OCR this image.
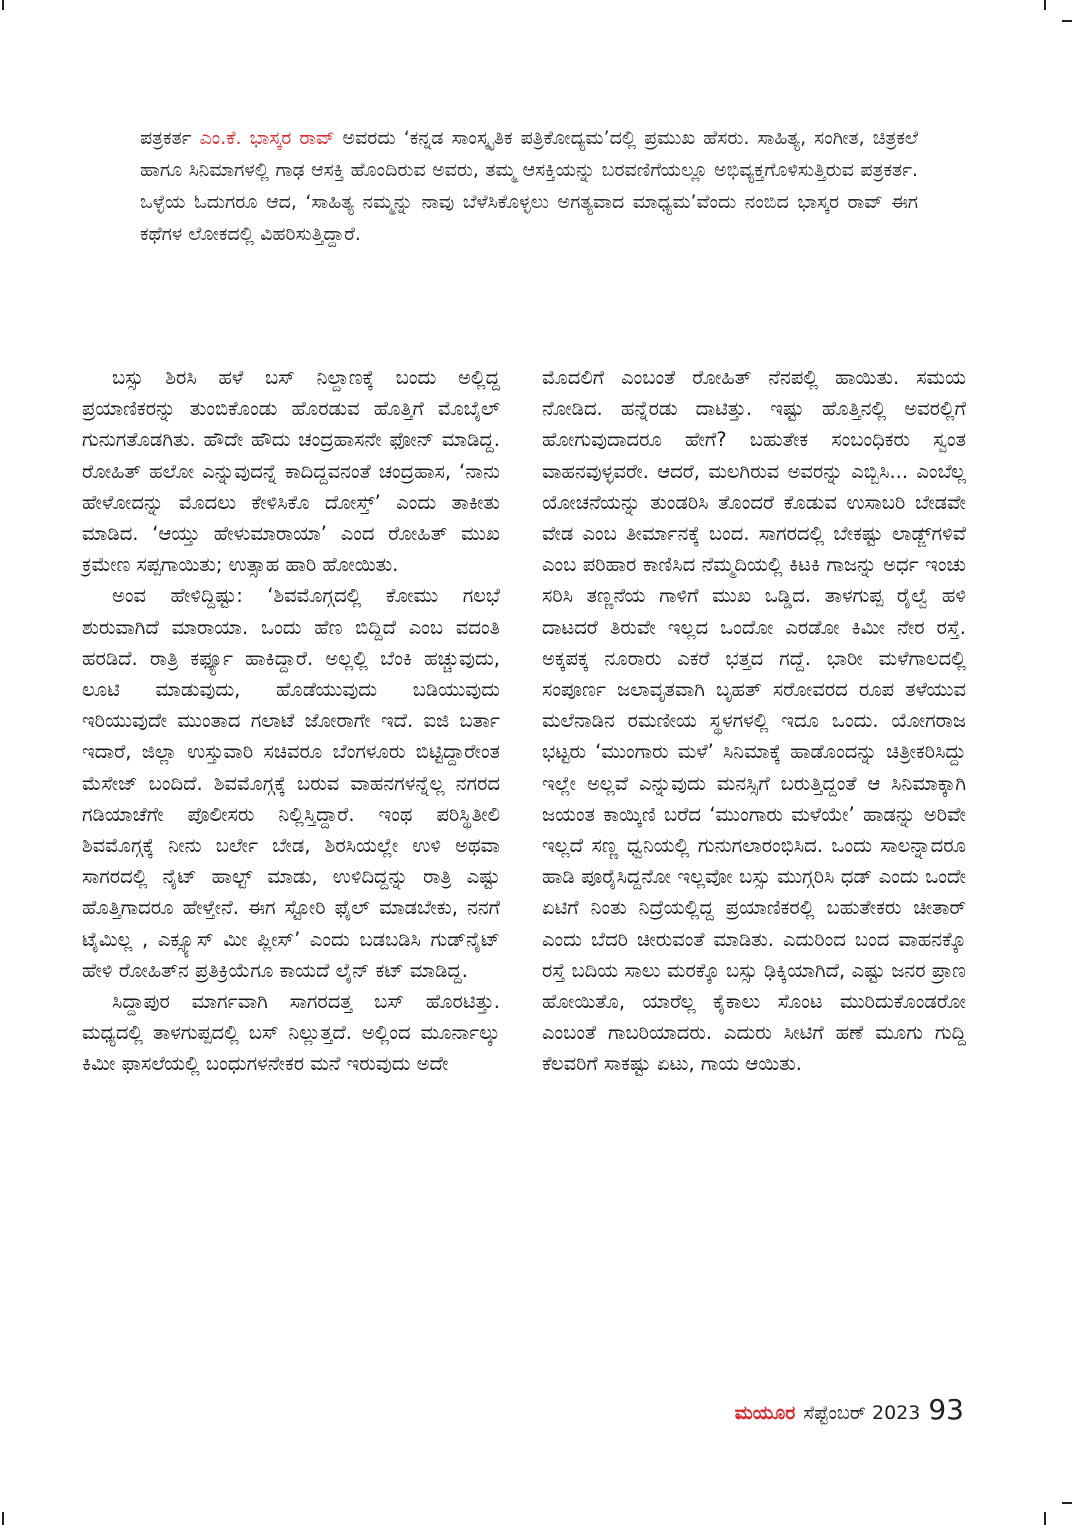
ಪತ್ರಕರ್ತ ಎಂ.ಕೆ. ಭಾಸ್ಕರ ರಾವ್ ಅವರದು ‘ಕನ್ನಡ ಸಾಂಸ್ಕೃತಿಕ ಪತ್ರಿಕೋದ್ಯಮ’ದಲ್ಲಿ ಪ್ರಮುಖ ಹೆಸರು. ಸಾಹಿತ್ಯ, ಸಂಗೀತ, ಚಿತ್ರಕಲೆ ಹಾಗೂ ಸಿನಿಮಾಗಳಲ್ಲಿ ಗಾಢ ಆಸಕ್ತಿ ಹೊಂದಿರುವ ಅವರು, ತಮ್ಮ ಆಸಕ್ತಿಯನ್ನು ಬರವಣಿಗೆಯಲ್ಲೂ ಅಭಿವ್ಯಕ್ತಗೊಳಿಸುತ್ತಿರುವ ಪತ್ರಕರ್ತ. ಒಳ್ಳೆಯ ಓದುಗರೂ ಆದ, ‘ಸಾಹಿತ್ಯ ನಮ್ಮನ್ನು ನಾವು ಬೆಳೆಸಿಕೊಳ್ಳಲು ಅಗತ್ಯವಾದ ಮಾಧ್ಯಮ’ವೆಂದು ನಂಬಿದ ಭಾಸ್ಕರ ರಾವ್ ಈಗ ಕಥೆಗಳ ಲೋಕದಲ್ಲಿ ವಿಹರಿಸುತ್ತಿದ್ದಾರೆ.

ಬಸ್ಸು ಶಿರಸಿ ಹಳೆ ಬಸ್ ನಿಲ್ದಾಣಕ್ಕೆ ಬಂದು ಅಲ್ಲಿದ್ದ ಪ್ರಯಾಣಿಕರನ್ನು ತುಂಬಿಕೊಂಡು ಹೊರಡುವ ಹೊತ್ತಿಗೆ ಮೊಬೈಲ್ ಗುನುಗತೊಡಗಿತು. ಹೌದೇ ಹೌದು ಚಂದ್ರಹಾಸನೇ ಫೋನ್ ಮಾಡಿದ್ದ. ರೋಹಿತ್ ಹಲೋ ಎನ್ನುವುದನ್ನೆ ಕಾದಿದ್ದವನಂತೆ ಚಂದ್ರಹಾಸ, ‘ನಾನು ಹೇಳೋದನ್ನು ಮೊದಲು ಕೇಳಿಸಿಕೊ ದೋಸ್ತ್’ ಎಂದು ತಾಕೀತು ಮಾಡಿದ. ‘ಆಯ್ತು ಹೇಳುಮಾರಾಯಾ’ ಎಂದ ರೋಹಿತ್ ಮುಖ ಕ್ರಮೇಣ ಸಪ್ಪಗಾಯಿತು; ಉತ್ಸಾಹ ಹಾರಿ ಹೋಯಿತು.

ಅಂವ ಹೇಳಿದ್ದಿಷ್ಟು: ‘ಶಿವಮೊಗ್ಗದಲ್ಲಿ ಕೋಮು ಗಲಭೆ ಶುರುವಾಗಿದೆ ಮಾರಾಯಾ. ಒಂದು ಹೆಣ ಬಿದ್ದಿದೆ ಎಂಬ ವದಂತಿ ಹರಡಿದೆ. ರಾತ್ರಿ ಕರ್ಫ್ಯೂ ಹಾಕಿದ್ದಾರೆ. ಅಲ್ಲಲ್ಲಿ ಬೆಂಕಿ ಹಚ್ಚುವುದು, ಲೂಟಿ ಮಾಡುವುದು, ಹೊಡೆಯುವುದು ಬಡಿಯುವುದು ಇರಿಯುವುದೇ ಮುಂತಾದ ಗಲಾಟೆ ಜೋರಾಗೇ ಇದೆ. ಐಜಿ ಬರ್ತಾ ಇದಾರೆ, ಜಿಲ್ಲಾ ಉಸ್ತುವಾರಿ ಸಚಿವರೂ ಬೆಂಗಳೂರು ಬಿಟ್ಟಿದ್ದಾರೇಂತ ಮೆಸೇಜ್ ಬಂದಿದೆ. ಶಿವಮೊಗ್ಗಕ್ಕೆ ಬರುವ ವಾಹನಗಳನ್ನೆಲ್ಲ ನಗರದ ಗಡಿಯಾಚೆಗೇ ಪೊಲೀಸರು ನಿಲ್ಲಿಸ್ತಿದ್ದಾರೆ. ಇಂಥ ಪರಿಸ್ಥಿತೀಲಿ ಶಿವಮೊಗ್ಗಕ್ಕೆ ನೀನು ಬರ್ಲೇ ಬೇಡ, ಶಿರಸಿಯಲ್ಲೇ ಉಳಿ ಅಥವಾ ಸಾಗರದಲ್ಲಿ ನೈಟ್ ಹಾಲ್ಟ್ ಮಾಡು, ಉಳಿದಿದ್ದನ್ನು ರಾತ್ರಿ ಎಷ್ಟು ಹೊತ್ತಿಗಾದರೂ ಹೇಳ್ತೇನೆ. ಈಗ ಸ್ಟೋರಿ ಫೈಲ್ ಮಾಡಬೇಕು, ನನಗೆ ಟೈಮಿಲ್ಲ , ಎಕ್ಸ್ಯೂಸ್ ಮೀ ಪ್ಲೀಸ್’ ಎಂದು ಬಡಬಡಿಸಿ ಗುಡ್‌ನೈಟ್ ಹೇಳಿ ರೋಹಿತ್‌ನ ಪ್ರತಿಕ್ರಿಯೆಗೂ ಕಾಯದೆ ಲೈನ್ ಕಟ್ ಮಾಡಿದ್ದ.

ಸಿದ್ದಾಪುರ ಮಾರ್ಗವಾಗಿ ಸಾಗರದತ್ತ ಬಸ್ ಹೊರಟಿತ್ತು. ಮಧ್ಯದಲ್ಲಿ ತಾಳಗುಪ್ಪದಲ್ಲಿ ಬಸ್ ನಿಲ್ಲುತ್ತದೆ. ಅಲ್ಲಿಂದ ಮೂರ್ನಾಲ್ಕು ಕಿಮೀ ಫಾಸಲೆಯಲ್ಲಿ ಬಂಧುಗಳನೇಕರ ಮನೆ ಇರುವುದು ಅದೇ

ಮೊದಲಿಗೆ ಎಂಬಂತೆ ರೋಹಿತ್ ನೆನಪಲ್ಲಿ ಹಾಯಿತು. ಸಮಯ ನೋಡಿದ. ಹನ್ನೆರಡು ದಾಟಿತ್ತು. ಇಷ್ಟು ಹೊತ್ತಿನಲ್ಲಿ ಅವರಲ್ಲಿಗೆ ಹೋಗುವುದಾದರೂ ಹೇಗೆ? ಬಹುತೇಕ ಸಂಬಂಧಿಕರು ಸ್ವಂತ ವಾಹನವುಳ್ಳವರೇ. ಆದರೆ, ಮಲಗಿರುವ ಅವರನ್ನು ಎಬ್ಬಿಸಿ... ಎಂಬೆಲ್ಲ ಯೋಚನೆಯನ್ನು ತುಂಡರಿಸಿ ತೊಂದರೆ ಕೊಡುವ ಉಸಾಬರಿ ಬೇಡವೇ ವೇಡ ಎಂಬ ತೀರ್ಮಾನಕ್ಕೆ ಬಂದ. ಸಾಗರದಲ್ಲಿ ಬೇಕಷ್ಟು ಲಾಡ್ಜ್‌ಗಳಿವೆ ಎಂಬ ಪರಿಹಾರ ಕಾಣಿಸಿದ ನೆಮ್ಮದಿಯಲ್ಲಿ ಕಿಟಕಿ ಗಾಜನ್ನು ಅರ್ಧ ಇಂಚು ಸರಿಸಿ ತಣ್ಣನೆಯ ಗಾಳಿಗೆ ಮುಖ ಒಡ್ಡಿದ. ತಾಳಗುಪ್ಪ ರೈಲ್ವೆ ಹಳಿ ದಾಟದರೆ ತಿರುವೇ ಇಲ್ಲದ ಒಂದೋ ಎರಡೋ ಕಿಮೀ ನೇರ ರಸ್ತೆ. ಅಕ್ಕಪಕ್ಕ ನೂರಾರು ಎಕರೆ ಭತ್ತದ ಗದ್ದೆ. ಭಾರೀ ಮಳೆಗಾಲದಲ್ಲಿ ಸಂಪೂರ್ಣ ಜಲಾವೃತವಾಗಿ ಬೃಹತ್ ಸರೋವರದ ರೂಪ ತಳೆಯುವ ಮಲೆನಾಡಿನ ರಮಣೀಯ ಸ್ಥಳಗಳಲ್ಲಿ ಇದೂ ಒಂದು. ಯೋಗರಾಜ ಭಟ್ಟರು ‘ಮುಂಗಾರು ಮಳೆ’ ಸಿನಿಮಾಕ್ಕೆ ಹಾಡೊಂದನ್ನು ಚಿತ್ರೀಕರಿಸಿದ್ದು ಇಲ್ಲೇ ಅಲ್ಲವೆ ಎನ್ನುವುದು ಮನಸ್ಸಿಗೆ ಬರುತ್ತಿದ್ದಂತೆ ಆ ಸಿನಿಮಾಕ್ಕಾಗಿ ಜಯಂತ ಕಾಯ್ಕಿಣಿ ಬರೆದ ‘ಮುಂಗಾರು ಮಳೆಯೇ’ ಹಾಡನ್ನು ಅರಿವೇ ಇಲ್ಲದೆ ಸಣ್ಣ ಧ್ವನಿಯಲ್ಲಿ ಗುನುಗಲಾರಂಭಿಸಿದ. ಒಂದು ಸಾಲನ್ನಾದರೂ ಹಾಡಿ ಪೂರೈಸಿದ್ದನೋ ಇಲ್ಲವೋ ಬಸ್ಸು ಮುಗ್ಗರಿಸಿ ಧಡ್ ಎಂದು ಒಂದೇ ಏಟಿಗೆ ನಿಂತು ನಿದ್ರೆಯಲ್ಲಿದ್ದ ಪ್ರಯಾಣಿಕರಲ್ಲಿ ಬಹುತೇಕರು ಚೀತಾರ್ ಎಂದು ಬೆದರಿ ಚೀರುವಂತೆ ಮಾಡಿತು. ಎದುರಿಂದ ಬಂದ ವಾಹನಕ್ಕೊ ರಸ್ತೆ ಬದಿಯ ಸಾಲು ಮರಕ್ಕೊ ಬಸ್ಸು ಢಿಕ್ಕಿಯಾಗಿದೆ, ಎಷ್ಟು ಜನರ ಪ್ರಾಣ ಹೋಯಿತೊ, ಯಾರೆಲ್ಲ ಕೈಕಾಲು ಸೊಂಟ ಮುರಿದುಕೊಂಡರೋ ಎಂಬಂತೆ ಗಾಬರಿಯಾದರು. ಎದುರು ಸೀಟಿಗೆ ಹಣೆ ಮೂಗು ಗುದ್ದಿ ಕೆಲವರಿಗೆ ಸಾಕಷ್ಟು ಏಟು, ಗಾಯ ಆಯಿತು.

ಮಯೂರ ಸೆಪ್ಟೆಂಬರ್ 2023 93
